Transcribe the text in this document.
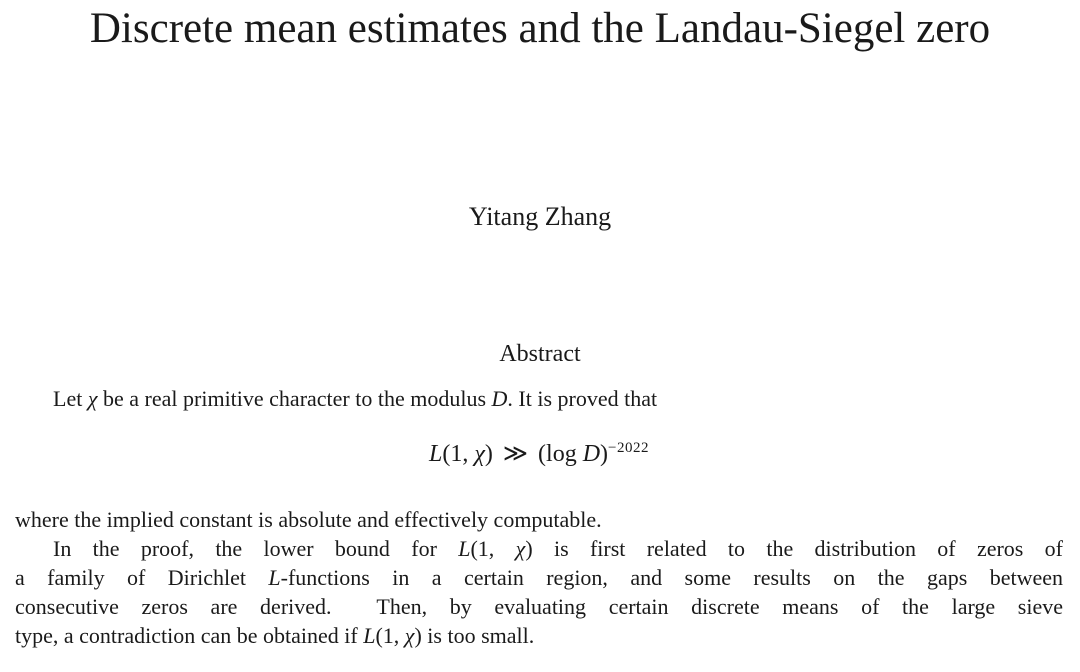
Discrete mean estimates and the Landau-Siegel zero
Yitang Zhang
Abstract
Let χ be a real primitive character to the modulus D. It is proved that
L(1, χ) ≫ (log D)$^{-2022}$
where the implied constant is absolute and effectively computable.
In the proof, the lower bound for L(1, χ) is first related to the distribution of zeros of
a family of Dirichlet L-functions in a certain region, and some results on the gaps between
consecutive zeros are derived.  Then, by evaluating certain discrete means of the large sieve
type, a contradiction can be obtained if L(1, χ) is too small.
